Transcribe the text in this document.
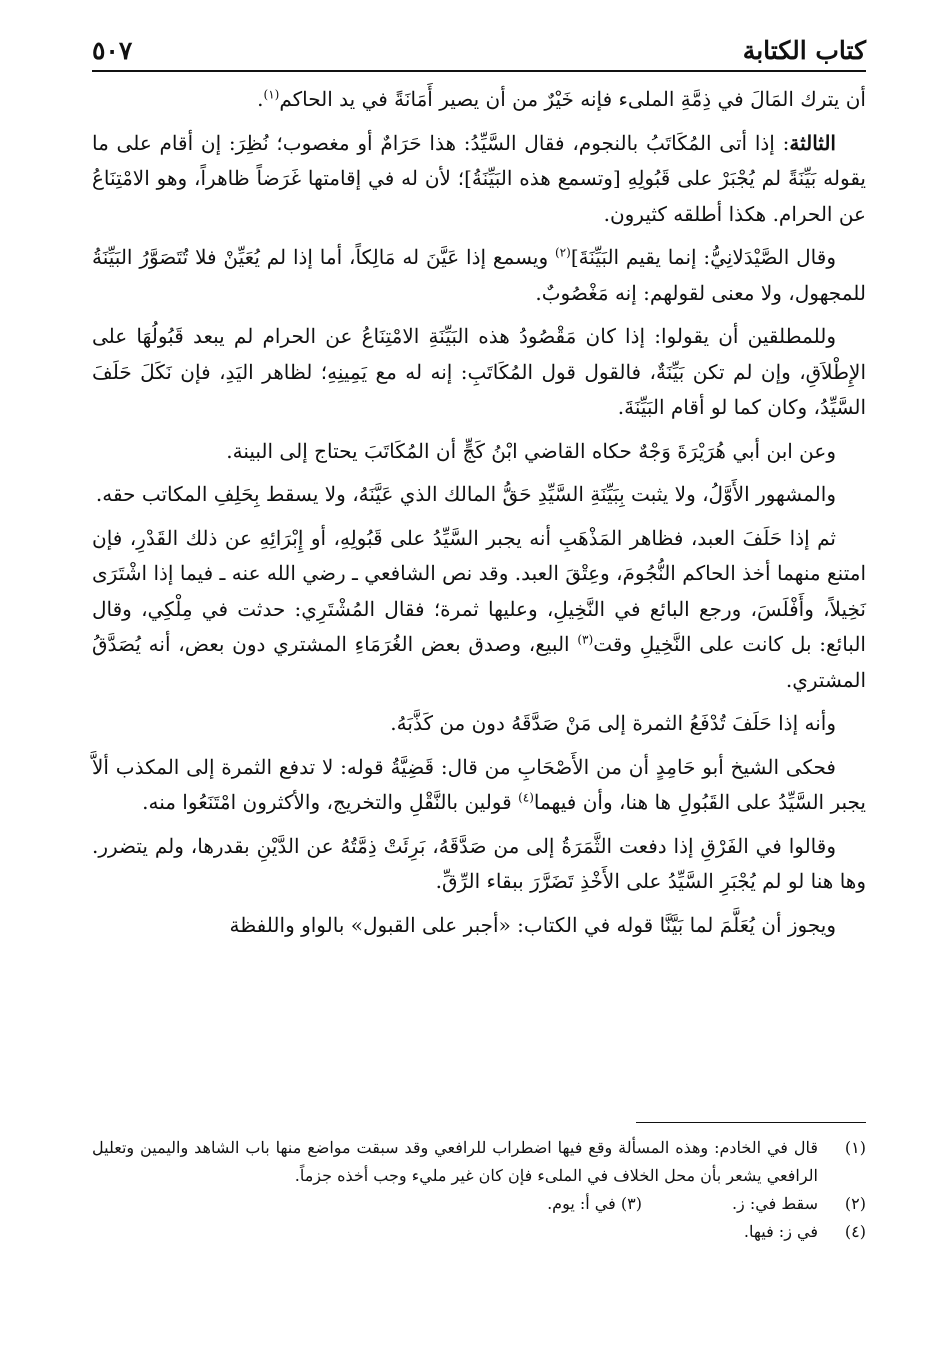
كتاب الكتابة
٥٠٧

أن يترك المَالَ في ذِمَّةِ الملىء فإنه خَيْرٌ من أن يصير أَمَانَةً في يد الحاكم$^{(١)}$.

الثالثة: إذا أتى المُكَاتَبُ بالنجوم، فقال السَّيِّدُ: هذا حَرَامٌ أو مغصوب؛ نُظِرَ: إن أقام على ما يقوله بَيِّنَةً لم يُجْبَرْ على قَبُولِهِ [وتسمع هذه البَيِّنَةُ]؛ لأن له في إقامتها غَرَضاً ظاهراً، وهو الامْتِنَاعُ عن الحرام. هكذا أطلقه كثيرون.

وقال الصَّيْدَلانِيُّ: إنما يقيم البَيِّنَةَ]$^{(٢)}$ ويسمع إذا عَيَّنَ له مَالِكاً، أما إذا لم يُعَيِّنْ فلا تُتَصَوَّرُ البَيِّنَةُ للمجهول، ولا معنى لقولهم: إنه مَغْصُوبٌ.

وللمطلقين أن يقولوا: إذا كان مَقْصُودُ هذه البَيِّنَةِ الامْتِنَاعُ عن الحرام لم يبعد قَبُولُهَا على الإِطْلاَقِ، وإن لم تكن بَيِّنَةٌ، فالقول قول المُكَاتَبِ: إنه له مع يَمِينِهِ؛ لظاهر اليَدِ، فإن نَكَلَ حَلَفَ السَّيِّدُ، وكان كما لو أقام البَيِّنَةَ.

وعن ابن أبي هُرَيْرَةَ وَجْهٌ حكاه القاضي ابْنُ كَجٍّ أن المُكَاتَبَ يحتاج إلى البينة.

والمشهور الأَوَّلُ، ولا يثبت بِبَيِّنَةِ السَّيِّدِ حَقُّ المالك الذي عَيَّنَهُ، ولا يسقط بِحَلِفِ المكاتب حقه.

ثم إذا حَلَفَ العبد، فظاهر المَذْهَبِ أنه يجبر السَّيِّدُ على قَبُولِهِ، أو إِبْرَائِهِ عن ذلك القَدْرِ، فإن امتنع منهما أخذ الحاكم النُّجُومَ، وعِتْقَ العبد. وقد نص الشافعي ـ رضي الله عنه ـ فيما إذا اشْتَرَى نَخِيلاً، وأَفْلَسَ، ورجع البائع في النَّخِيلِ، وعليها ثمرة؛ فقال المُشْتَرِي: حدثت في مِلْكِي، وقال البائع: بل كانت على النَّخِيلِ وقت$^{(٣)}$ البيع، وصدق بعض الغُرَمَاءِ المشتري دون بعض، أنه يُصَدَّقُ المشتري.

وأنه إذا حَلَفَ تُدْفَعُ الثمرة إلى مَنْ صَدَّقَهُ دون من كَذَّبَهُ.

فحكى الشيخ أبو حَامِدٍ أن من الأَصْحَابِ من قال: قَضِيَّةُ قوله: لا تدفع الثمرة إلى المكذب ألاَّ يجبر السَّيِّدُ على القَبُولِ ها هنا، وأن فيهما$^{(٤)}$ قولين بالنَّقْلِ والتخريج، والأكثرون امْتَنَعُوا منه.

وقالوا في الفَرْقِ إذا دفعت الثَّمَرَةُ إلى من صَدَّقَهُ، بَرِئَتْ ذِمَّتُهُ عن الدَّيْنِ بقدرها، ولم يتضرر. وها هنا لو لم يُجْبَرِ السَّيِّدُ على الأَخْذِ تَضَرَّرَ ببقاء الرِّقِّ.

ويجوز أن يُعَلَّمَ لما بَيَّنَّا قوله في الكتاب: «أجبر على القبول» بالواو واللفظة

(١)
قال في الخادم: وهذه المسألة وقع فيها اضطراب للرافعي وقد سبقت مواضع منها باب الشاهد واليمين وتعليل الرافعي يشعر بأن محل الخلاف في الملىء فإن كان غير مليء وجب أخذه جزماً.
(٢)
سقط في: ز.(٣) في أ: يوم.
(٤)
في ز: فيها.
